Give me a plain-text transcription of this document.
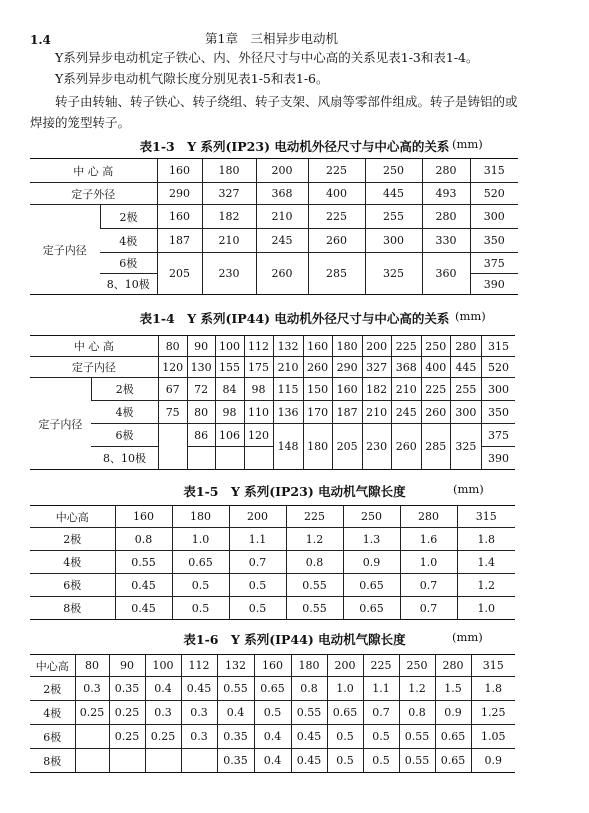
1.4	第1章　三相异步电动机
Y系列异步电动机定子铁心、内、外径尺寸与中心高的关系见表1-3和表1-4。
Y系列异步电动机气隙长度分别见表1-5和表1-6。
转子由转轴、转子铁心、转子绕组、转子支架、风扇等零部件组成。转子是铸铝的或
焊接的笼型转子。
表1-3　Y 系列(IP23) 电动机外径尺寸与中心高的关系 (mm)
中 心 高		160	180	200	225	250	280	315
定子外径		290	327	368	400	445	493	520
定子内径	2极	160	182	210	225	255	280	300
	4极	187	210	245	260	300	330	350
	6极	205	230	260	285	325	360	375
	8、10极							390
表1-4　Y 系列(IP44) 电动机外径尺寸与中心高的关系 (mm)
中 心 高		80	90	100	112	132	160	180	200	225	250	280	315
定子内径		120	130	155	175	210	260	290	327	368	400	445	520
定子内径	2极	67	72	84	98	115	150	160	182	210	225	255	300
	4极	75	80	98	110	136	170	187	210	245	260	300	350
	6极		86	106	120	148	180	205	230	260	285	325	375
	8、10极												390
表1-5　Y 系列(IP23) 电动机气隙长度	(mm)
中心高	160	180	200	225	250	280	315
2极	0.8	1.0	1.1	1.2	1.3	1.6	1.8
4极	0.55	0.65	0.7	0.8	0.9	1.0	1.4
6极	0.45	0.5	0.5	0.55	0.65	0.7	1.2
8极	0.45	0.5	0.5	0.55	0.65	0.7	1.0
表1-6　Y 系列(IP44) 电动机气隙长度	(mm)
中心高	80	90	100	112	132	160	180	200	225	250	280	315
2极	0.3	0.35	0.4	0.45	0.55	0.65	0.8	1.0	1.1	1.2	1.5	1.8
4极	0.25	0.25	0.3	0.3	0.4	0.5	0.55	0.65	0.7	0.8	0.9	1.25
6极		0.25	0.25	0.3	0.35	0.4	0.45	0.5	0.5	0.55	0.65	1.05
8极					0.35	0.4	0.45	0.5	0.5	0.55	0.65	0.9
